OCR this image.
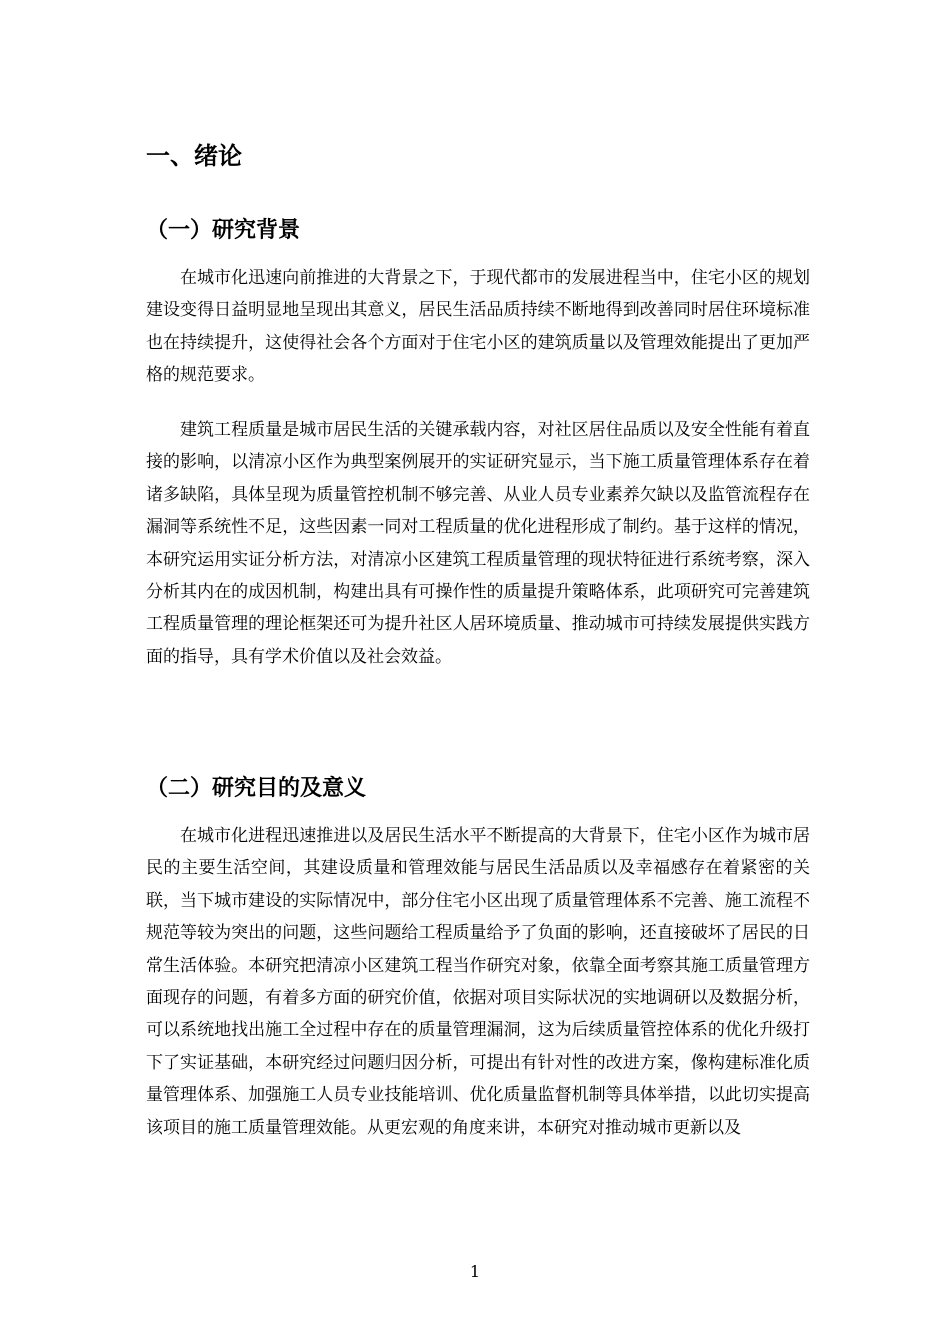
一、绪论
（一）研究背景

在城市化迅速向前推进的大背景之下，于现代都市的发展进程当中，住宅小区的规划建设变得日益明显地呈现出其意义，居民生活品质持续不断地得到改善同时居住环境标准也在持续提升，这使得社会各个方面对于住宅小区的建筑质量以及管理效能提出了更加严格的规范要求。

建筑工程质量是城市居民生活的关键承载内容，对社区居住品质以及安全性能有着直接的影响，以清凉小区作为典型案例展开的实证研究显示，当下施工质量管理体系存在着诸多缺陷，具体呈现为质量管控机制不够完善、从业人员专业素养欠缺以及监管流程存在漏洞等系统性不足，这些因素一同对工程质量的优化进程形成了制约。基于这样的情况，本研究运用实证分析方法，对清凉小区建筑工程质量管理的现状特征进行系统考察，深入分析其内在的成因机制，构建出具有可操作性的质量提升策略体系，此项研究可完善建筑工程质量管理的理论框架还可为提升社区人居环境质量、推动城市可持续发展提供实践方面的指导，具有学术价值以及社会效益。

（二）研究目的及意义

在城市化进程迅速推进以及居民生活水平不断提高的大背景下，住宅小区作为城市居民的主要生活空间，其建设质量和管理效能与居民生活品质以及幸福感存在着紧密的关联，当下城市建设的实际情况中，部分住宅小区出现了质量管理体系不完善、施工流程不规范等较为突出的问题，这些问题给工程质量给予了负面的影响，还直接破坏了居民的日常生活体验。本研究把清凉小区建筑工程当作研究对象，依靠全面考察其施工质量管理方面现存的问题，有着多方面的研究价值，依据对项目实际状况的实地调研以及数据分析，可以系统地找出施工全过程中存在的质量管理漏洞，这为后续质量管控体系的优化升级打下了实证基础，本研究经过问题归因分析，可提出有针对性的改进方案，像构建标准化质量管理体系、加强施工人员专业技能培训、优化质量监督机制等具体举措，以此切实提高该项目的施工质量管理效能。从更宏观的角度来讲，本研究对推动城市更新以及

1
